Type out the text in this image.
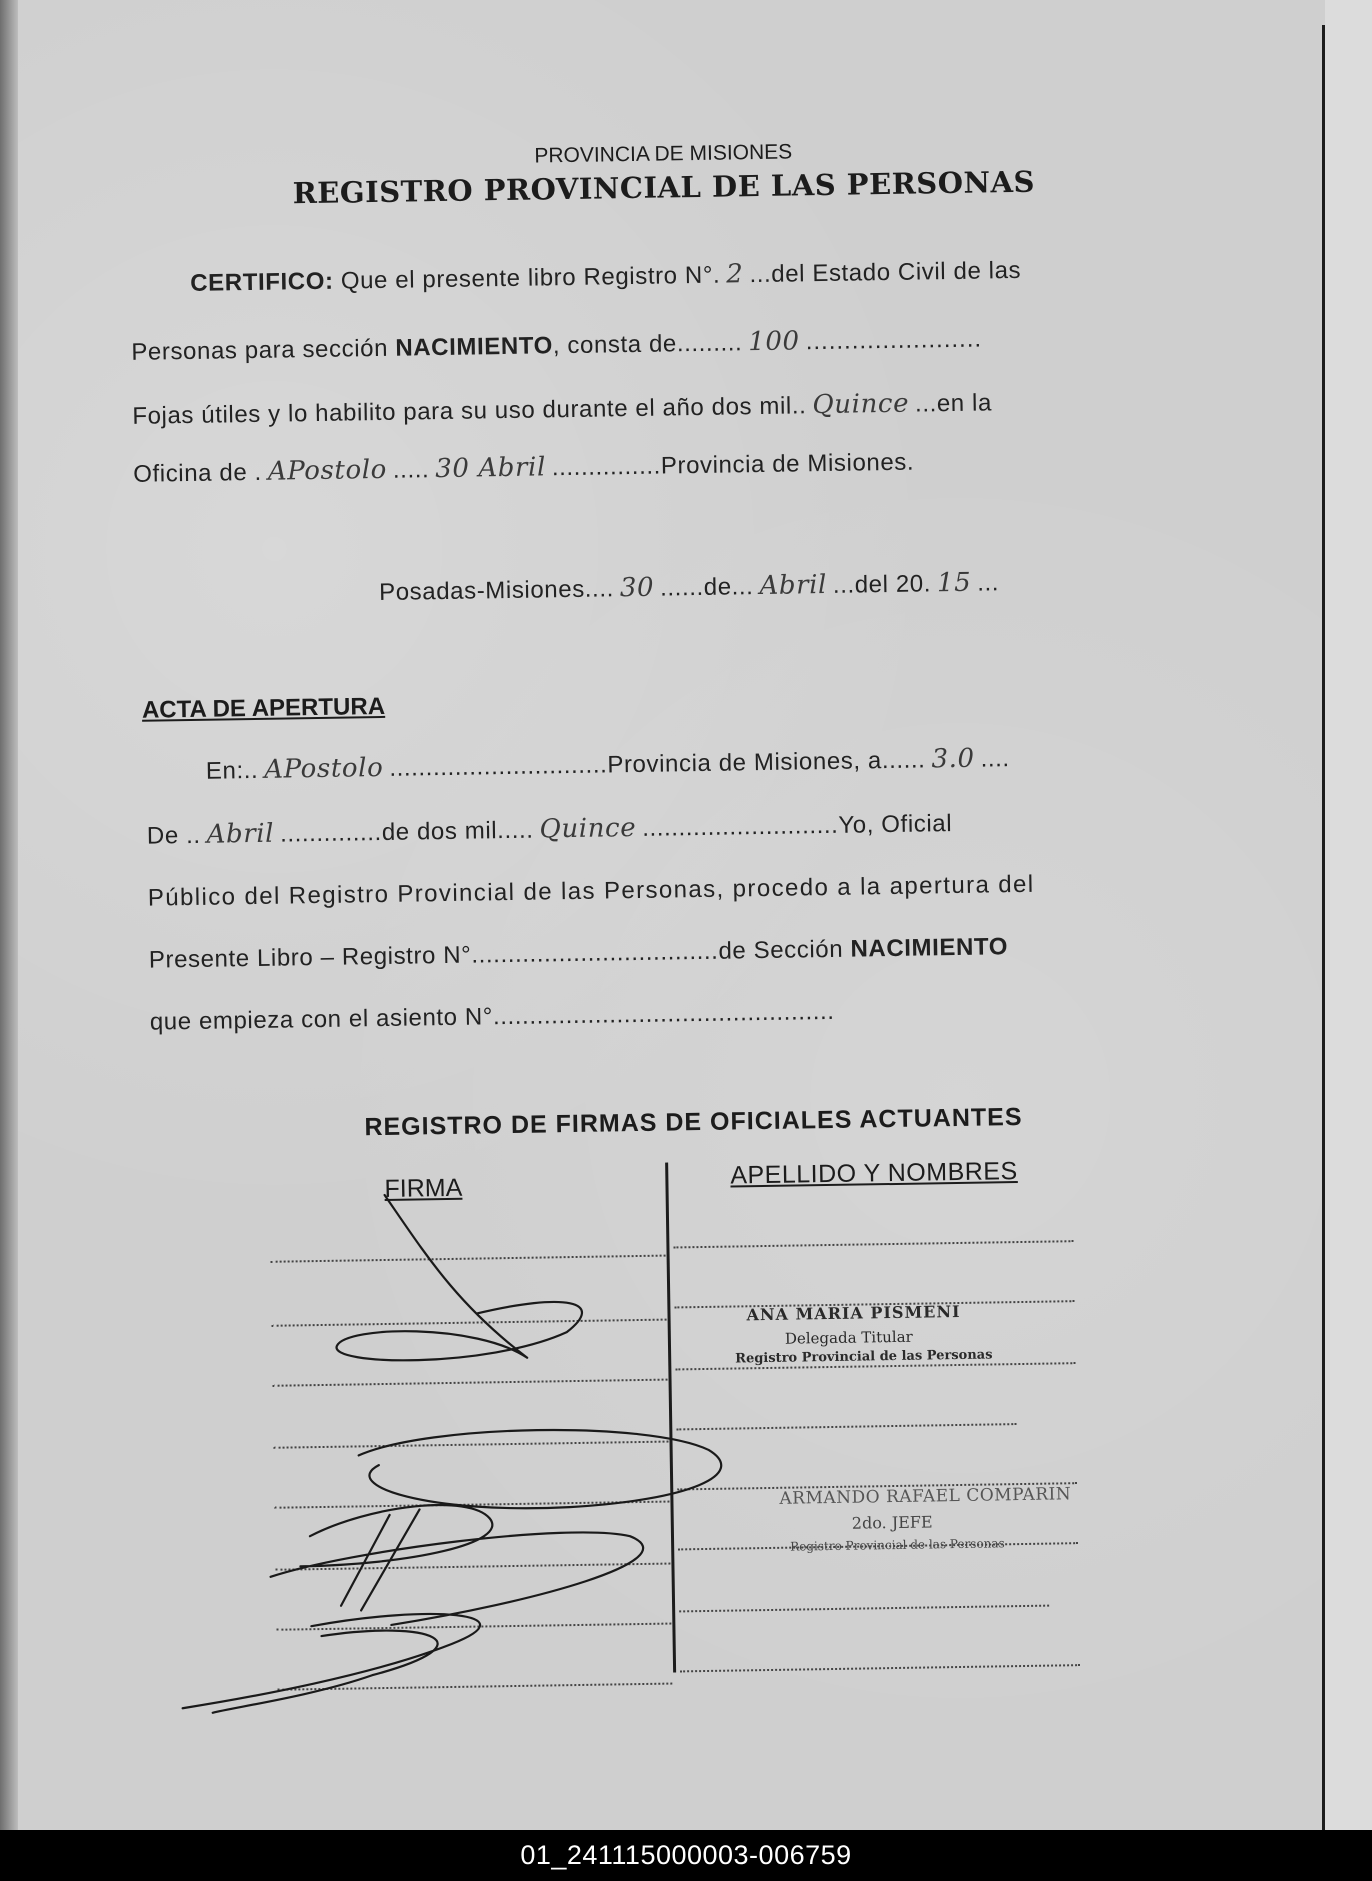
PROVINCIA DE MISIONES
REGISTRO PROVINCIAL DE LAS PERSONAS
CERTIFICO: Que el presente libro Registro N°. 2 ...del Estado Civil de las
Personas para sección NACIMIENTO, consta de......... 100 .......................
Fojas útiles y lo habilito para su uso durante el año dos mil.. Quince ...en la
Oficina de . APostolo ..... 30 Abril ...............Provincia de Misiones.
Posadas-Misiones.... 30 ......de... Abril ...del 20. 15 ...
ACTA DE APERTURA
En:.. APostolo ..............................Provincia de Misiones, a...... 3.0 ....
De .. Abril ..............de dos mil..... Quince ...........................Yo, Oficial
Público del Registro Provincial de las Personas, procedo a la apertura del
Presente Libro – Registro N°..................................de Sección NACIMIENTO
que empieza con el asiento N°...............................................
REGISTRO DE FIRMAS DE OFICIALES ACTUANTES
FIRMA	APELLIDO Y NOMBRES
ANA MARIA PISMENI
Delegada Titular
Registro Provincial de las Personas
ARMANDO RAFAEL COMPARIN
2do. JEFE
Registro Provincial de las Personas
01_241115000003-006759
